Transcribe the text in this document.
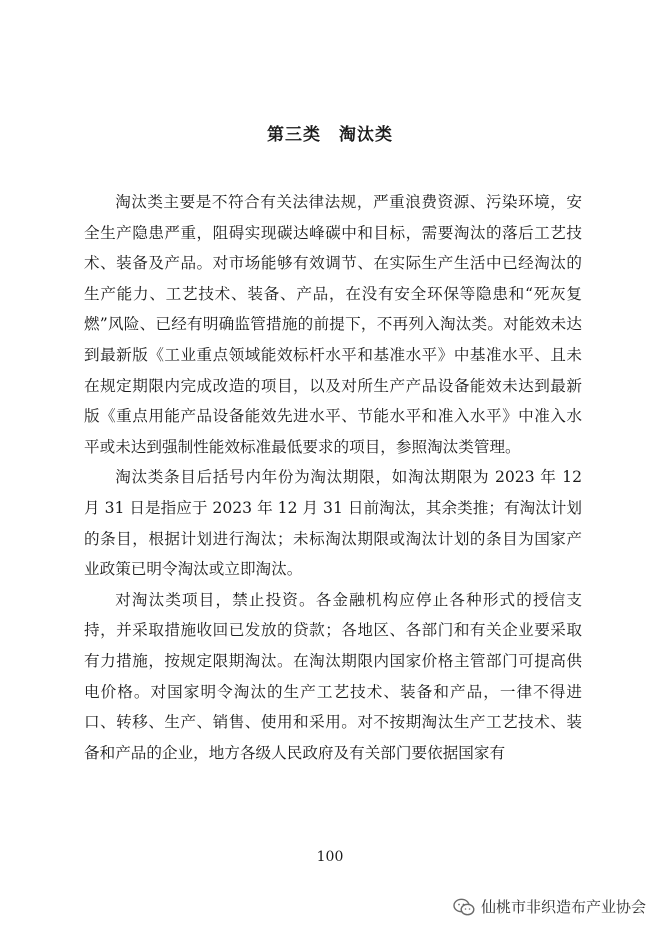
第三类　淘汰类

淘汰类主要是不符合有关法律法规，严重浪费资源、污染环境，安全生产隐患严重，阻碍实现碳达峰碳中和目标，需要淘汰的落后工艺技术、装备及产品。对市场能够有效调节、在实际生产生活中已经淘汰的生产能力、工艺技术、装备、产品，在没有安全环保等隐患和“死灰复燃”风险、已经有明确监管措施的前提下，不再列入淘汰类。对能效未达到最新版《工业重点领域能效标杆水平和基准水平》中基准水平、且未在规定期限内完成改造的项目，以及对所生产产品设备能效未达到最新版《重点用能产品设备能效先进水平、节能水平和准入水平》中准入水平或未达到强制性能效标准最低要求的项目，参照淘汰类管理。

淘汰类条目后括号内年份为淘汰期限，如淘汰期限为 2023 年 12 月 31 日是指应于 2023 年 12 月 31 日前淘汰，其余类推；有淘汰计划的条目，根据计划进行淘汰；未标淘汰期限或淘汰计划的条目为国家产业政策已明令淘汰或立即淘汰。

对淘汰类项目，禁止投资。各金融机构应停止各种形式的授信支持，并采取措施收回已发放的贷款；各地区、各部门和有关企业要采取有力措施，按规定限期淘汰。在淘汰期限内国家价格主管部门可提高供电价格。对国家明令淘汰的生产工艺技术、装备和产品，一律不得进口、转移、生产、销售、使用和采用。对不按期淘汰生产工艺技术、装备和产品的企业，地方各级人民政府及有关部门要依据国家有

100
仙桃市非织造布产业协会
